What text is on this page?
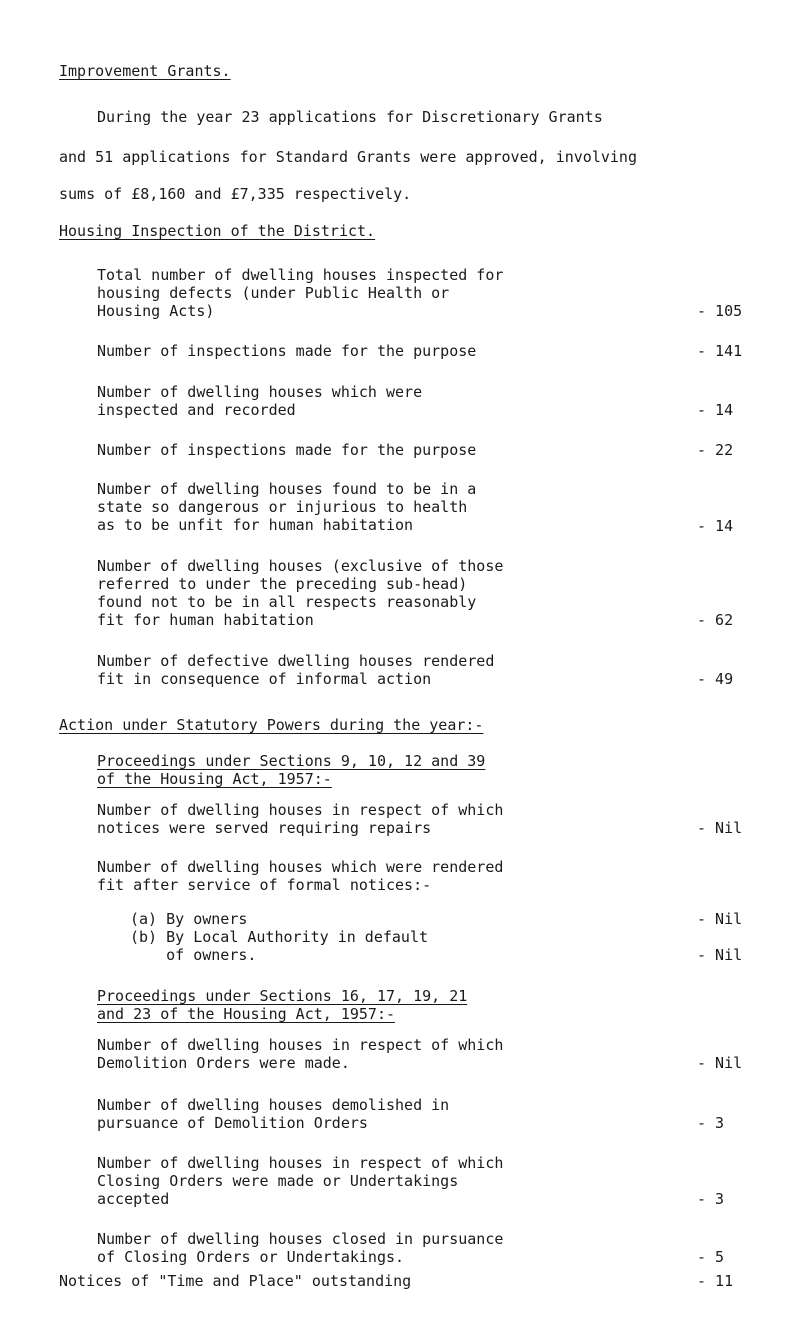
Improvement Grants.
During the year 23 applications for Discretionary Grants
and 51 applications for Standard Grants were approved, involving
sums of £8,160 and £7,335 respectively.
Housing Inspection of the District.
Total number of dwelling houses inspected for
housing defects (under Public Health or
Housing Acts)	- 105
Number of inspections made for the purpose	- 141
Number of dwelling houses which were
inspected and recorded	- 14
Number of inspections made for the purpose	- 22
Number of dwelling houses found to be in a
state so dangerous or injurious to health
as to be unfit for human habitation	- 14
Number of dwelling houses (exclusive of those
referred to under the preceding sub-head)
found not to be in all respects reasonably
fit for human habitation	- 62
Number of defective dwelling houses rendered
fit in consequence of informal action	- 49
Action under Statutory Powers during the year:-
Proceedings under Sections 9, 10, 12 and 39
of the Housing Act, 1957:-
Number of dwelling houses in respect of which
notices were served requiring repairs	- Nil
Number of dwelling houses which were rendered
fit after service of formal notices:-
(a) By owners	- Nil
(b) By Local Authority in default
of owners.	- Nil
Proceedings under Sections 16, 17, 19, 21
and 23 of the Housing Act, 1957:-
Number of dwelling houses in respect of which
Demolition Orders were made.	- Nil
Number of dwelling houses demolished in
pursuance of Demolition Orders	- 3
Number of dwelling houses in respect of which
Closing Orders were made or Undertakings
accepted	- 3
Number of dwelling houses closed in pursuance
of Closing Orders or Undertakings.	- 5
Notices of "Time and Place" outstanding	- 11
